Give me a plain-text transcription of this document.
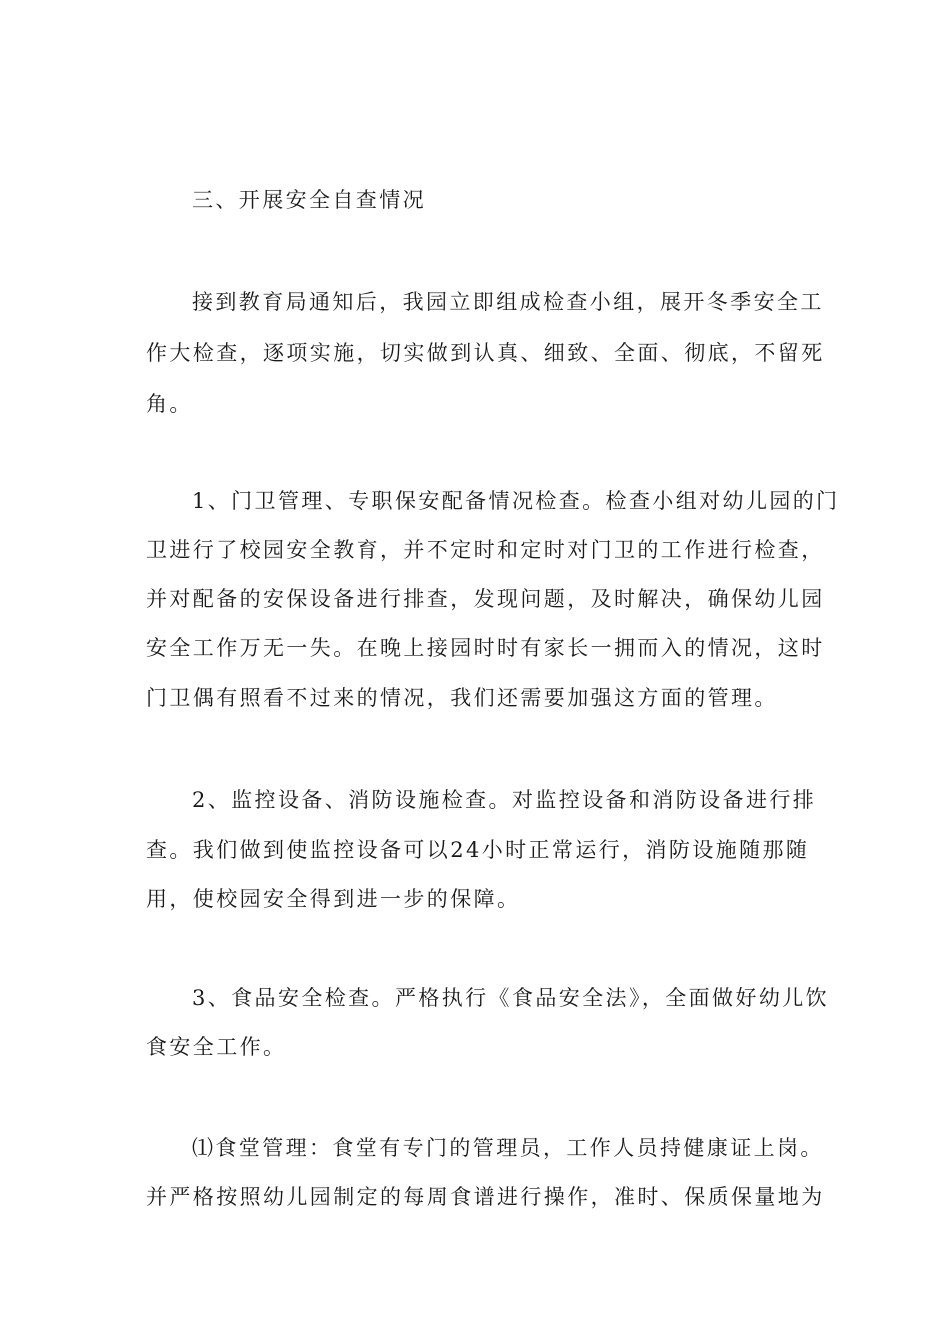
三、开展安全自查情况
接到教育局通知后，我园立即组成检查小组，展开冬季安全工
作大检查，逐项实施，切实做到认真、细致、全面、彻底，不留死
角。
1、门卫管理、专职保安配备情况检查。检查小组对幼儿园的门
卫进行了校园安全教育，并不定时和定时对门卫的工作进行检查，
并对配备的安保设备进行排查，发现问题，及时解决，确保幼儿园
安全工作万无一失。在晚上接园时时有家长一拥而入的情况，这时
门卫偶有照看不过来的情况，我们还需要加强这方面的管理。
2、监控设备、消防设施检查。对监控设备和消防设备进行排
查。我们做到使监控设备可以24小时正常运行，消防设施随那随
用，使校园安全得到进一步的保障。
3、食品安全检查。严格执行《食品安全法》，全面做好幼儿饮
食安全工作。
⑴食堂管理：食堂有专门的管理员，工作人员持健康证上岗。
并严格按照幼儿园制定的每周食谱进行操作，准时、保质保量地为
